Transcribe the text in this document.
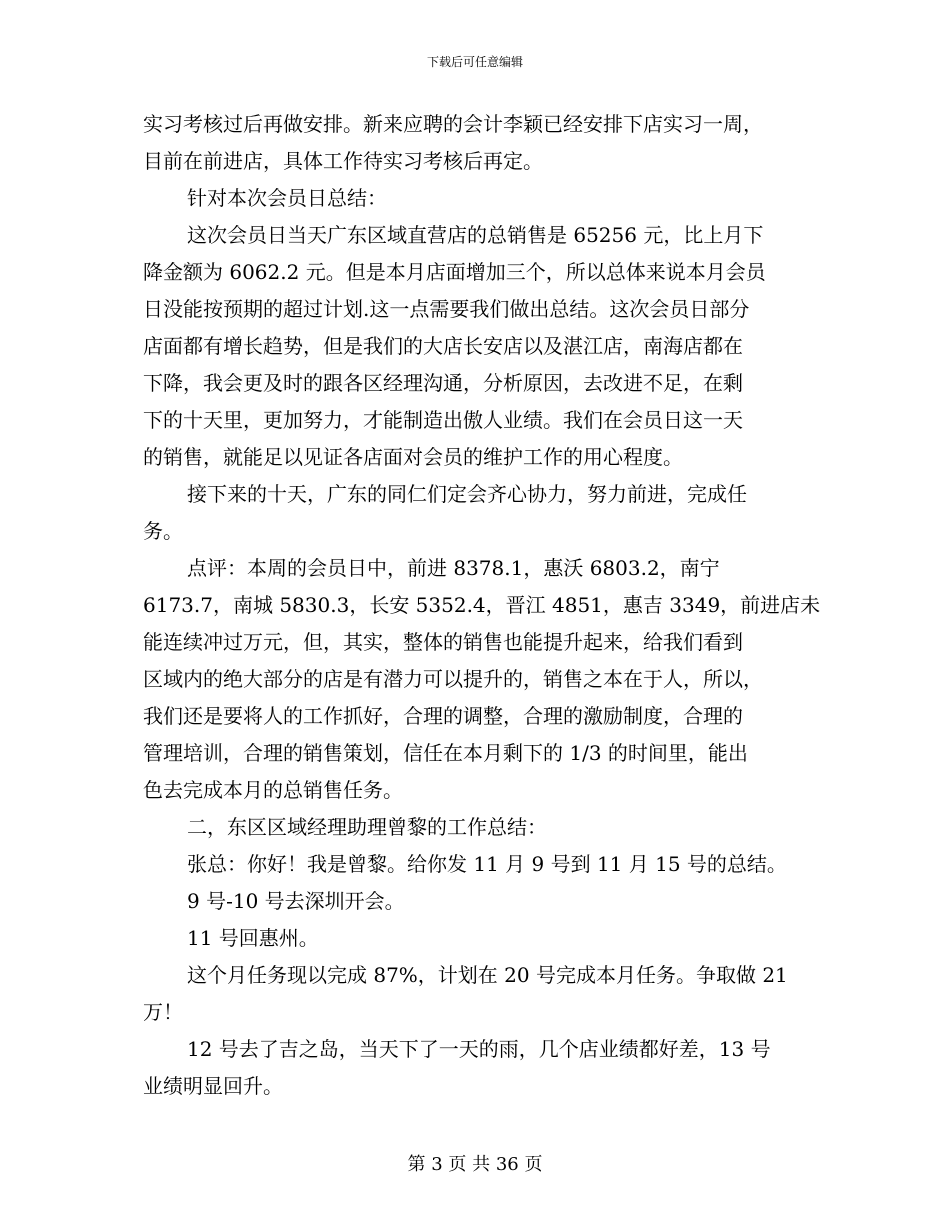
下载后可任意编辑

实习考核过后再做安排。新来应聘的会计李颖已经安排下店实习一周，

目前在前进店，具体工作待实习考核后再定。

针对本次会员日总结：

这次会员日当天广东区域直营店的总销售是 65256 元，比上月下

降金额为 6062.2 元。但是本月店面增加三个，所以总体来说本月会员

日没能按预期的超过计划.这一点需要我们做出总结。这次会员日部分

店面都有增长趋势，但是我们的大店长安店以及湛江店，南海店都在

下降，我会更及时的跟各区经理沟通，分析原因，去改进不足，在剩

下的十天里，更加努力，才能制造出傲人业绩。我们在会员日这一天

的销售，就能足以见证各店面对会员的维护工作的用心程度。

接下来的十天，广东的同仁们定会齐心协力，努力前进，完成任

务。

点评：本周的会员日中，前进 8378.1，惠沃 6803.2，南宁

6173.7，南城 5830.3，长安 5352.4，晋江 4851，惠吉 3349，前进店未

能连续冲过万元，但，其实，整体的销售也能提升起来，给我们看到

区域内的绝大部分的店是有潜力可以提升的，销售之本在于人，所以，

我们还是要将人的工作抓好，合理的调整，合理的激励制度，合理的

管理培训，合理的销售策划，信任在本月剩下的 1/3 的时间里，能出

色去完成本月的总销售任务。

二，东区区域经理助理曾黎的工作总结：

张总：你好！我是曾黎。给你发 11 月 9 号到 11 月 15 号的总结。

9 号-10 号去深圳开会。

11 号回惠州。

这个月任务现以完成 87%，计划在 20 号完成本月任务。争取做 21

万！

12 号去了吉之岛，当天下了一天的雨，几个店业绩都好差，13 号

业绩明显回升。

第 3 页 共 36 页
